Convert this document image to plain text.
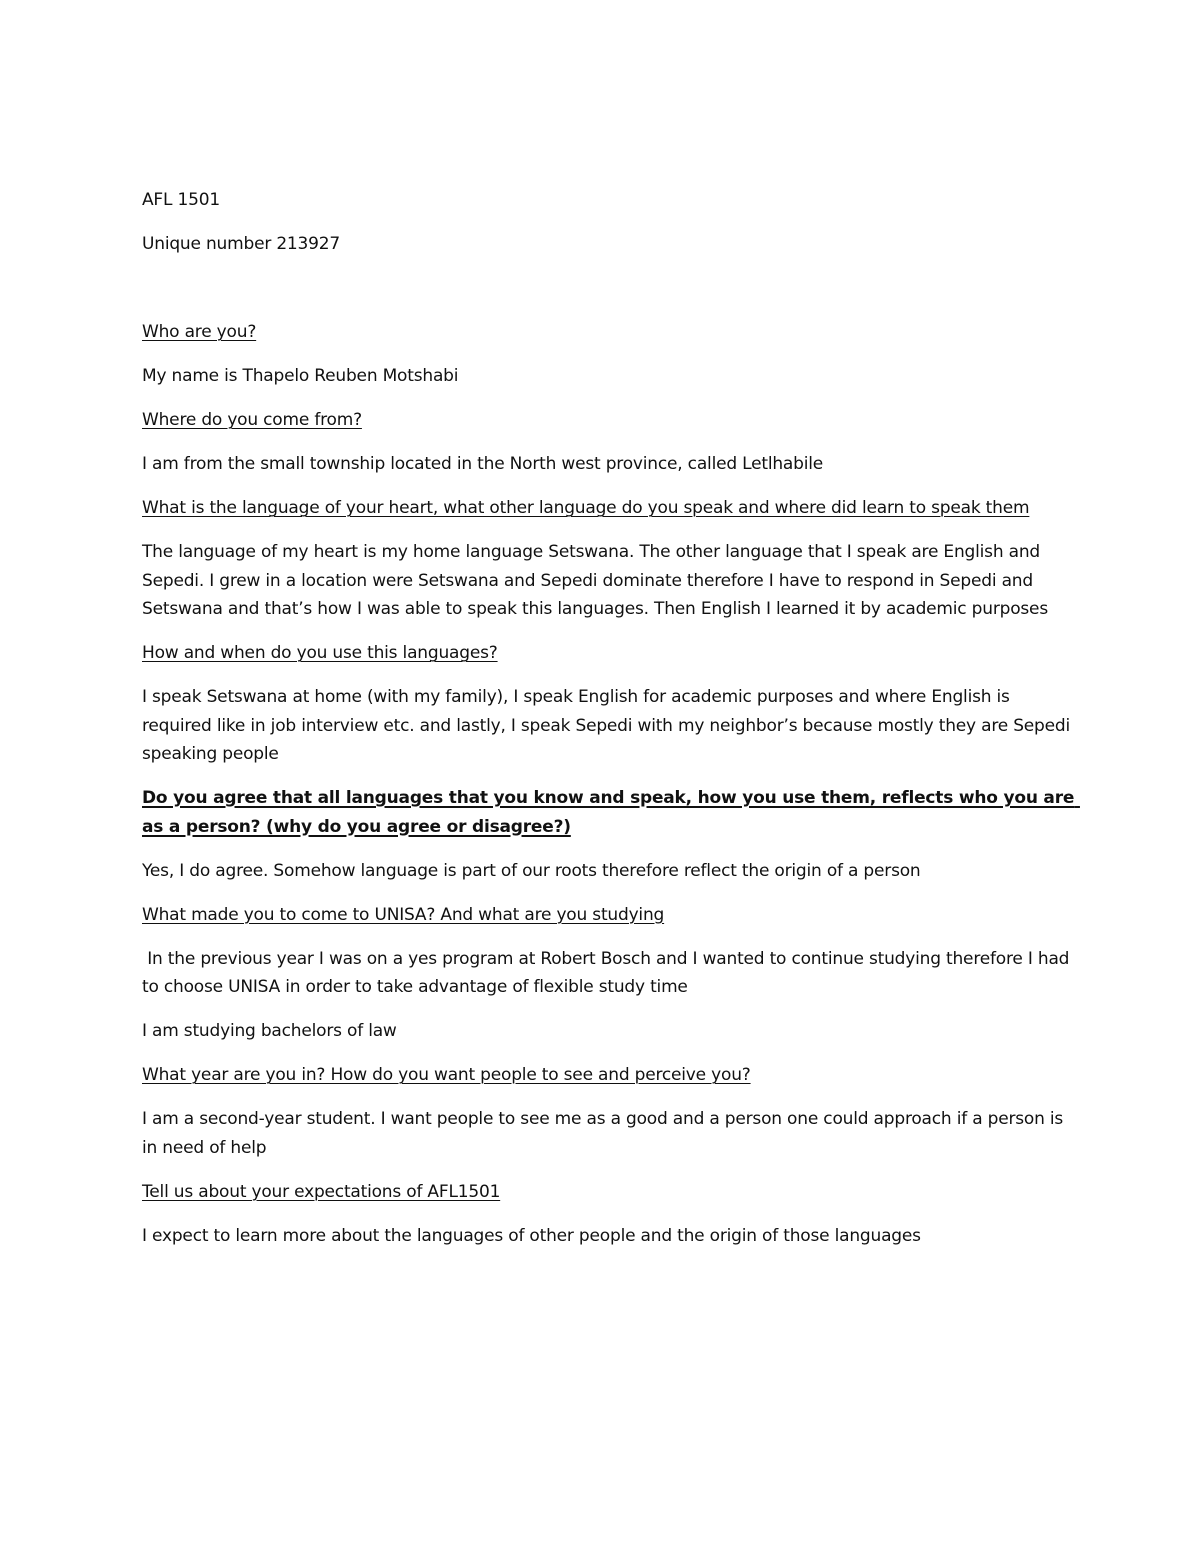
AFL 1501

Unique number 213927

Who are you?

My name is Thapelo Reuben Motshabi

Where do you come from?

I am from the small township located in the North west province, called Letlhabile

What is the language of your heart, what other language do you speak and where did learn to speak them

The language of my heart is my home language Setswana. The other language that I speak are English and Sepedi. I grew in a location were Setswana and Sepedi dominate therefore I have to respond in Sepedi and Setswana and that’s how I was able to speak this languages. Then English I learned it by academic purposes

How and when do you use this languages?

I speak Setswana at home (with my family), I speak English for academic purposes and where English is required like in job interview etc. and lastly, I speak Sepedi with my neighbor’s because mostly they are Sepedi speaking people

Do you agree that all languages that you know and speak, how you use them, reflects who you are as a person? (why do you agree or disagree?)

Yes, I do agree. Somehow language is part of our roots therefore reflect the origin of a person

What made you to come to UNISA? And what are you studying

In the previous year I was on a yes program at Robert Bosch and I wanted to continue studying therefore I had to choose UNISA in order to take advantage of flexible study time

I am studying bachelors of law

What year are you in? How do you want people to see and perceive you?

I am a second-year student. I want people to see me as a good and a person one could approach if a person is in need of help

Tell us about your expectations of AFL1501

I expect to learn more about the languages of other people and the origin of those languages
